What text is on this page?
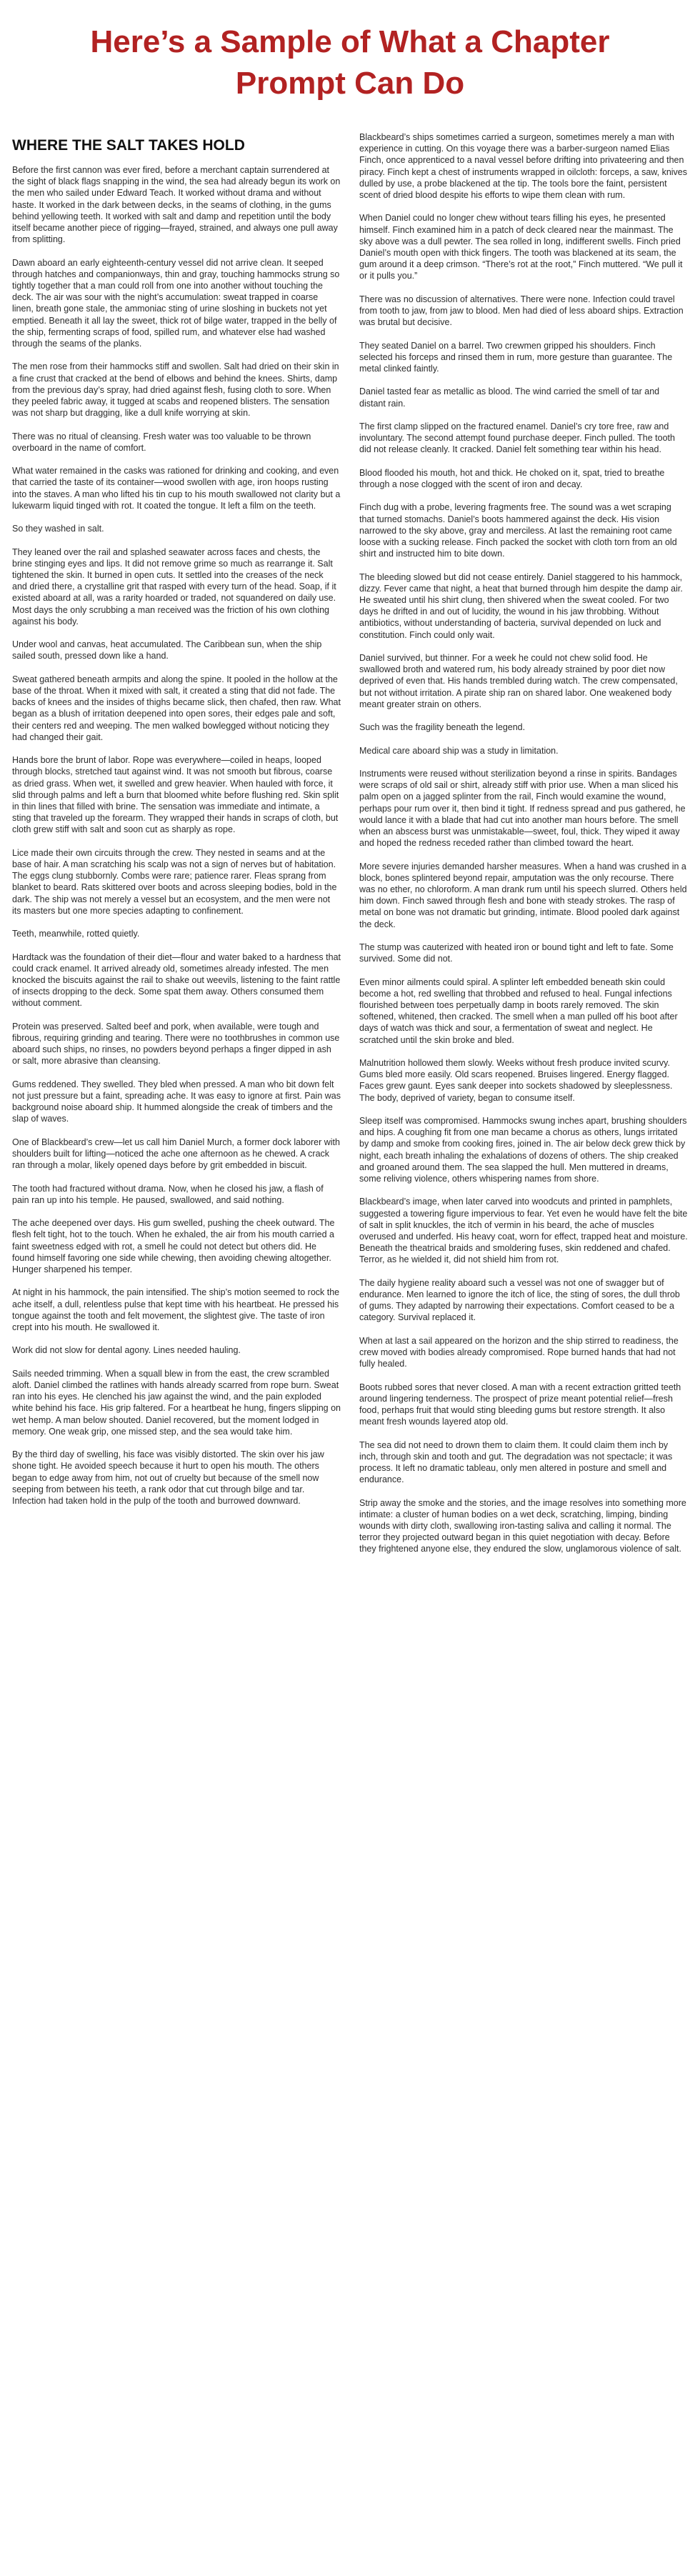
Here’s a Sample of What a Chapter Prompt Can Do
WHERE THE SALT TAKES HOLD

Before the first cannon was ever fired, before a merchant captain surrendered at the sight of black flags snapping in the wind, the sea had already begun its work on the men who sailed under Edward Teach. It worked without drama and without haste. It worked in the dark between decks, in the seams of clothing, in the gums behind yellowing teeth. It worked with salt and damp and repetition until the body itself became another piece of rigging—frayed, strained, and always one pull away from splitting.

Dawn aboard an early eighteenth-century vessel did not arrive clean. It seeped through hatches and companionways, thin and gray, touching hammocks strung so tightly together that a man could roll from one into another without touching the deck. The air was sour with the night’s accumulation: sweat trapped in coarse linen, breath gone stale, the ammoniac sting of urine sloshing in buckets not yet emptied. Beneath it all lay the sweet, thick rot of bilge water, trapped in the belly of the ship, fermenting scraps of food, spilled rum, and whatever else had washed through the seams of the planks.

The men rose from their hammocks stiff and swollen. Salt had dried on their skin in a fine crust that cracked at the bend of elbows and behind the knees. Shirts, damp from the previous day’s spray, had dried against flesh, fusing cloth to sore. When they peeled fabric away, it tugged at scabs and reopened blisters. The sensation was not sharp but dragging, like a dull knife worrying at skin.

There was no ritual of cleansing. Fresh water was too valuable to be thrown overboard in the name of comfort.

What water remained in the casks was rationed for drinking and cooking, and even that carried the taste of its container—wood swollen with age, iron hoops rusting into the staves. A man who lifted his tin cup to his mouth swallowed not clarity but a lukewarm liquid tinged with rot. It coated the tongue. It left a film on the teeth.

So they washed in salt.

They leaned over the rail and splashed seawater across faces and chests, the brine stinging eyes and lips. It did not remove grime so much as rearrange it. Salt tightened the skin. It burned in open cuts. It settled into the creases of the neck and dried there, a crystalline grit that rasped with every turn of the head. Soap, if it existed aboard at all, was a rarity hoarded or traded, not squandered on daily use. Most days the only scrubbing a man received was the friction of his own clothing against his body.

Under wool and canvas, heat accumulated. The Caribbean sun, when the ship sailed south, pressed down like a hand.

Sweat gathered beneath armpits and along the spine. It pooled in the hollow at the base of the throat. When it mixed with salt, it created a sting that did not fade. The backs of knees and the insides of thighs became slick, then chafed, then raw. What began as a blush of irritation deepened into open sores, their edges pale and soft, their centers red and weeping. The men walked bowlegged without noticing they had changed their gait.

Hands bore the brunt of labor. Rope was everywhere—coiled in heaps, looped through blocks, stretched taut against wind. It was not smooth but fibrous, coarse as dried grass. When wet, it swelled and grew heavier. When hauled with force, it slid through palms and left a burn that bloomed white before flushing red. Skin split in thin lines that filled with brine. The sensation was immediate and intimate, a sting that traveled up the forearm. They wrapped their hands in scraps of cloth, but cloth grew stiff with salt and soon cut as sharply as rope.

Lice made their own circuits through the crew. They nested in seams and at the base of hair. A man scratching his scalp was not a sign of nerves but of habitation. The eggs clung stubbornly. Combs were rare; patience rarer. Fleas sprang from blanket to beard. Rats skittered over boots and across sleeping bodies, bold in the dark. The ship was not merely a vessel but an ecosystem, and the men were not its masters but one more species adapting to confinement.

Teeth, meanwhile, rotted quietly.

Hardtack was the foundation of their diet—flour and water baked to a hardness that could crack enamel. It arrived already old, sometimes already infested. The men knocked the biscuits against the rail to shake out weevils, listening to the faint rattle of insects dropping to the deck. Some spat them away. Others consumed them without comment.

Protein was preserved. Salted beef and pork, when available, were tough and fibrous, requiring grinding and tearing. There were no toothbrushes in common use aboard such ships, no rinses, no powders beyond perhaps a finger dipped in ash or salt, more abrasive than cleansing.

Gums reddened. They swelled. They bled when pressed. A man who bit down felt not just pressure but a faint, spreading ache. It was easy to ignore at first. Pain was background noise aboard ship. It hummed alongside the creak of timbers and the slap of waves.

One of Blackbeard’s crew—let us call him Daniel Murch, a former dock laborer with shoulders built for lifting—noticed the ache one afternoon as he chewed. A crack ran through a molar, likely opened days before by grit embedded in biscuit.

The tooth had fractured without drama. Now, when he closed his jaw, a flash of pain ran up into his temple. He paused, swallowed, and said nothing.

The ache deepened over days. His gum swelled, pushing the cheek outward. The flesh felt tight, hot to the touch. When he exhaled, the air from his mouth carried a faint sweetness edged with rot, a smell he could not detect but others did. He found himself favoring one side while chewing, then avoiding chewing altogether. Hunger sharpened his temper.

At night in his hammock, the pain intensified. The ship’s motion seemed to rock the ache itself, a dull, relentless pulse that kept time with his heartbeat. He pressed his tongue against the tooth and felt movement, the slightest give. The taste of iron crept into his mouth. He swallowed it.

Work did not slow for dental agony. Lines needed hauling.

Sails needed trimming. When a squall blew in from the east, the crew scrambled aloft. Daniel climbed the ratlines with hands already scarred from rope burn. Sweat ran into his eyes. He clenched his jaw against the wind, and the pain exploded white behind his face. His grip faltered. For a heartbeat he hung, fingers slipping on wet hemp. A man below shouted. Daniel recovered, but the moment lodged in memory. One weak grip, one missed step, and the sea would take him.

By the third day of swelling, his face was visibly distorted. The skin over his jaw shone tight. He avoided speech because it hurt to open his mouth. The others began to edge away from him, not out of cruelty but because of the smell now seeping from between his teeth, a rank odor that cut through bilge and tar. Infection had taken hold in the pulp of the tooth and burrowed downward.

Blackbeard’s ships sometimes carried a surgeon, sometimes merely a man with experience in cutting. On this voyage there was a barber-surgeon named Elias Finch, once apprenticed to a naval vessel before drifting into privateering and then piracy. Finch kept a chest of instruments wrapped in oilcloth: forceps, a saw, knives dulled by use, a probe blackened at the tip. The tools bore the faint, persistent scent of dried blood despite his efforts to wipe them clean with rum.

When Daniel could no longer chew without tears filling his eyes, he presented himself. Finch examined him in a patch of deck cleared near the mainmast. The sky above was a dull pewter. The sea rolled in long, indifferent swells. Finch pried Daniel’s mouth open with thick fingers. The tooth was blackened at its seam, the gum around it a deep crimson. “There’s rot at the root,” Finch muttered. “We pull it or it pulls you.”

There was no discussion of alternatives. There were none. Infection could travel from tooth to jaw, from jaw to blood. Men had died of less aboard ships. Extraction was brutal but decisive.

They seated Daniel on a barrel. Two crewmen gripped his shoulders. Finch selected his forceps and rinsed them in rum, more gesture than guarantee. The metal clinked faintly.

Daniel tasted fear as metallic as blood. The wind carried the smell of tar and distant rain.

The first clamp slipped on the fractured enamel. Daniel’s cry tore free, raw and involuntary. The second attempt found purchase deeper. Finch pulled. The tooth did not release cleanly. It cracked. Daniel felt something tear within his head.

Blood flooded his mouth, hot and thick. He choked on it, spat, tried to breathe through a nose clogged with the scent of iron and decay.

Finch dug with a probe, levering fragments free. The sound was a wet scraping that turned stomachs. Daniel’s boots hammered against the deck. His vision narrowed to the sky above, gray and merciless. At last the remaining root came loose with a sucking release. Finch packed the socket with cloth torn from an old shirt and instructed him to bite down.

The bleeding slowed but did not cease entirely. Daniel staggered to his hammock, dizzy. Fever came that night, a heat that burned through him despite the damp air. He sweated until his shirt clung, then shivered when the sweat cooled. For two days he drifted in and out of lucidity, the wound in his jaw throbbing. Without antibiotics, without understanding of bacteria, survival depended on luck and constitution. Finch could only wait.

Daniel survived, but thinner. For a week he could not chew solid food. He swallowed broth and watered rum, his body already strained by poor diet now deprived of even that. His hands trembled during watch. The crew compensated, but not without irritation. A pirate ship ran on shared labor. One weakened body meant greater strain on others.

Such was the fragility beneath the legend.

Medical care aboard ship was a study in limitation.

Instruments were reused without sterilization beyond a rinse in spirits. Bandages were scraps of old sail or shirt, already stiff with prior use. When a man sliced his palm open on a jagged splinter from the rail, Finch would examine the wound, perhaps pour rum over it, then bind it tight. If redness spread and pus gathered, he would lance it with a blade that had cut into another man hours before. The smell when an abscess burst was unmistakable—sweet, foul, thick. They wiped it away and hoped the redness receded rather than climbed toward the heart.

More severe injuries demanded harsher measures. When a hand was crushed in a block, bones splintered beyond repair, amputation was the only recourse. There was no ether, no chloroform. A man drank rum until his speech slurred. Others held him down. Finch sawed through flesh and bone with steady strokes. The rasp of metal on bone was not dramatic but grinding, intimate. Blood pooled dark against the deck.

The stump was cauterized with heated iron or bound tight and left to fate. Some survived. Some did not.

Even minor ailments could spiral. A splinter left embedded beneath skin could become a hot, red swelling that throbbed and refused to heal. Fungal infections flourished between toes perpetually damp in boots rarely removed. The skin softened, whitened, then cracked. The smell when a man pulled off his boot after days of watch was thick and sour, a fermentation of sweat and neglect. He scratched until the skin broke and bled.

Malnutrition hollowed them slowly. Weeks without fresh produce invited scurvy. Gums bled more easily. Old scars reopened. Bruises lingered. Energy flagged. Faces grew gaunt. Eyes sank deeper into sockets shadowed by sleeplessness. The body, deprived of variety, began to consume itself.

Sleep itself was compromised. Hammocks swung inches apart, brushing shoulders and hips. A coughing fit from one man became a chorus as others, lungs irritated by damp and smoke from cooking fires, joined in. The air below deck grew thick by night, each breath inhaling the exhalations of dozens of others. The ship creaked and groaned around them. The sea slapped the hull. Men muttered in dreams, some reliving violence, others whispering names from shore.

Blackbeard’s image, when later carved into woodcuts and printed in pamphlets, suggested a towering figure impervious to fear. Yet even he would have felt the bite of salt in split knuckles, the itch of vermin in his beard, the ache of muscles overused and underfed. His heavy coat, worn for effect, trapped heat and moisture. Beneath the theatrical braids and smoldering fuses, skin reddened and chafed. Terror, as he wielded it, did not shield him from rot.

The daily hygiene reality aboard such a vessel was not one of swagger but of endurance. Men learned to ignore the itch of lice, the sting of sores, the dull throb of gums. They adapted by narrowing their expectations. Comfort ceased to be a category. Survival replaced it.

When at last a sail appeared on the horizon and the ship stirred to readiness, the crew moved with bodies already compromised. Rope burned hands that had not fully healed.

Boots rubbed sores that never closed. A man with a recent extraction gritted teeth around lingering tenderness. The prospect of prize meant potential relief—fresh food, perhaps fruit that would sting bleeding gums but restore strength. It also meant fresh wounds layered atop old.

The sea did not need to drown them to claim them. It could claim them inch by inch, through skin and tooth and gut. The degradation was not spectacle; it was process. It left no dramatic tableau, only men altered in posture and smell and endurance.

Strip away the smoke and the stories, and the image resolves into something more intimate: a cluster of human bodies on a wet deck, scratching, limping, binding wounds with dirty cloth, swallowing iron-tasting saliva and calling it normal. The terror they projected outward began in this quiet negotiation with decay. Before they frightened anyone else, they endured the slow, unglamorous violence of salt.
